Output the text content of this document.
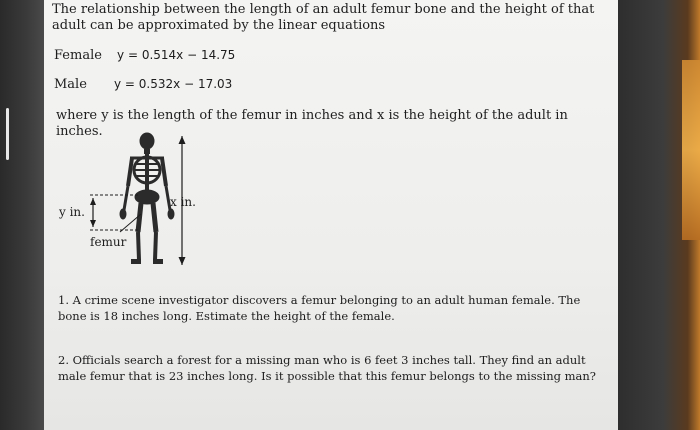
The relationship between the length of an adult femur bone and the height of that adult can be approximated by the linear equations

Female y = 0.514x − 14.75

Male y = 0.532x − 17.03

where y is the length of the femur in inches and x is the height of the adult in inches.

y in.
x in.
femur

1. A crime scene investigator discovers a femur belonging to an adult human female. The bone is 18 inches long. Estimate the height of the female.

2. Officials search a forest for a missing man who is 6 feet 3 inches tall. They find an adult male femur that is 23 inches long. Is it possible that this femur belongs to the missing man?
